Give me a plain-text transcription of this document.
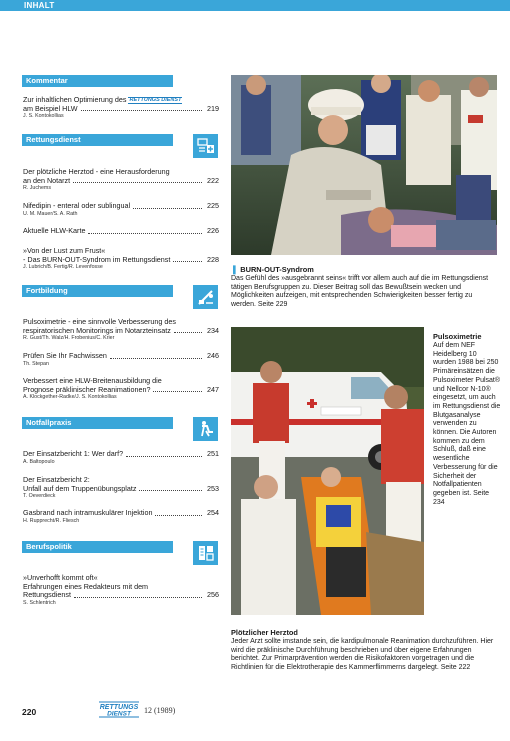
INHALT
Kommentar
Zur inhaltlichen Optimierung des RETTUNGS DIENST
am Beispiel HLW	219
J. S. Kontokollias
Rettungsdienst
Der plötzliche Herztod - eine Herausforderung
an den Notarzt	222
R. Juchems
Nifedipin - enteral oder sublingual	225
U. M. Mauer/S. A. Rath
Aktuelle HLW-Karte	226
»Von der Lust zum Frust«
- Das BURN-OUT-Syndrom im Rettungsdienst	228
J. Lubrich/B. Fertig/R. Levenfosse
Fortbildung
Pulsoximetrie - eine sinnvolle Verbesserung des
respiratorischen Monitorings im Notarzteinsatz	234
R. Gust/Th. Walz/H. Frobenius/C. Krier
Prüfen Sie Ihr Fachwissen	246
Th. Stepan
Verbessert eine HLW-Breitenausbildung die
Prognose präklinischer Reanimationen?	247
A. Klockgether-Radke/J. S. Kontokollias
Notfallpraxis
Der Einsatzbericht 1: Wer darf?	251
A. Baltopoulo
Der Einsatzbericht 2:
Unfall auf dem Truppenübungsplatz	253
T. Oeverdieck
Gasbrand nach intramuskulärer Injektion	254
H. Rupprecht/R. Fliesch
Berufspolitik
»Unverhofft kommt oft«
Erfahrungen eines Redakteurs mit dem
Rettungsdienst	256
S. Schlentrich
▌ BURN-OUT-Syndrom
Das Gefühl des »ausgebrannt seins« trifft vor allem auch auf die im Rettungsdienst tätigen Berufsgruppen zu. Dieser Beitrag soll das Bewußtsein wecken und Möglichkeiten aufzeigen, mit entsprechenden Schwierigkeiten besser fertig zu werden. Seite 229
Pulsoximetrie
Auf dem NEF Heidelberg 10 wurden 1988 bei 250 Primäreinsätzen die Pulsoximeter Pulsat® und Nellcor N-10® eingesetzt, um auch im Rettungsdienst die Blutgasanalyse verwenden zu können. Die Autoren kommen zu dem Schluß, daß eine wesentliche Verbesserung für die Sicherheit der Notfallpatienten gegeben ist. Seite 234
Plötzlicher Herztod
Jeder Arzt sollte imstande sein, die kardipulmonale Reanimation durchzuführen. Hier wird die präklinische Durchführung beschrieben und über eigene Erfahrungen berichtet. Zur Primarprävention werden die Risikofaktoren vorgetragen und die Richtlinien für die Elektrotherapie des Kammerflimmerns dargelegt. Seite 222
220	RETTUNGS
DIENST 12 (1989)
